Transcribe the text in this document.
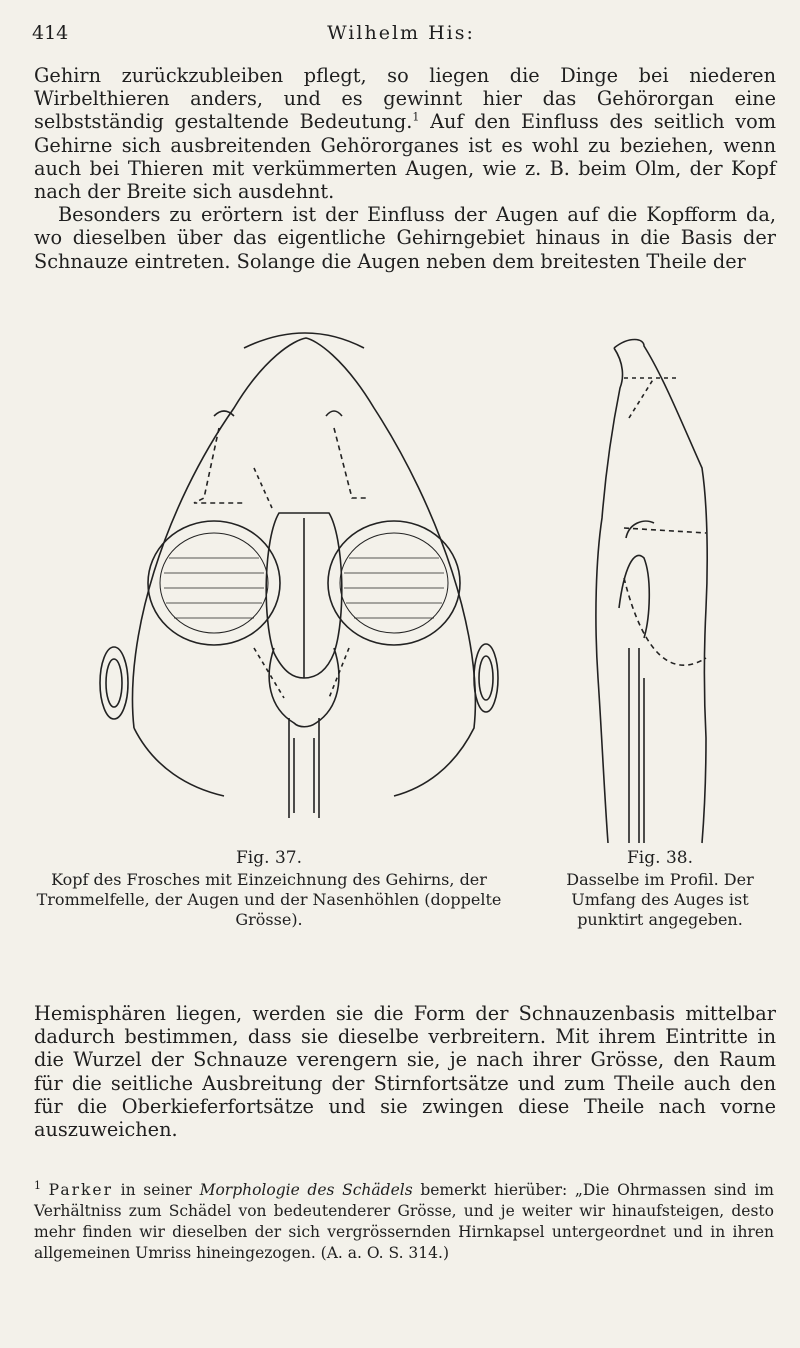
414	Wilhelm His:

Gehirn zurückzubleiben pflegt, so liegen die Dinge bei niederen Wirbelthieren anders, und es gewinnt hier das Gehörorgan eine selbstständig gestaltende Bedeutung.$^1$ Auf den Einfluss des seitlich vom Gehirne sich ausbreitenden Gehörorganes ist es wohl zu beziehen, wenn auch bei Thieren mit verkümmerten Augen, wie z. B. beim Olm, der Kopf nach der Breite sich ausdehnt.

Besonders zu erörtern ist der Einfluss der Augen auf die Kopfform da, wo dieselben über das eigentliche Gehirngebiet hinaus in die Basis der Schnauze eintreten. Solange die Augen neben dem breitesten Theile der

Fig. 37.
Kopf des Frosches mit Einzeichnung des Gehirns, der Trommelfelle, der Augen und der Nasenhöhlen (doppelte Grösse).
Fig. 38.
Dasselbe im Profil. Der Umfang des Auges ist punktirt angegeben.

Hemisphären liegen, werden sie die Form der Schnauzenbasis mittelbar dadurch bestimmen, dass sie dieselbe verbreitern. Mit ihrem Eintritte in die Wurzel der Schnauze verengern sie, je nach ihrer Grösse, den Raum für die seitliche Ausbreitung der Stirnfortsätze und zum Theile auch den für die Oberkieferfortsätze und sie zwingen diese Theile nach vorne auszuweichen.

$^1$ Parker in seiner Morphologie des Schädels bemerkt hierüber: „Die Ohrmassen sind im Verhältniss zum Schädel von bedeutenderer Grösse, und je weiter wir hinaufsteigen, desto mehr finden wir dieselben der sich vergrössernden Hirnkapsel untergeordnet und in ihren allgemeinen Umriss hineingezogen. (A. a. O. S. 314.)
